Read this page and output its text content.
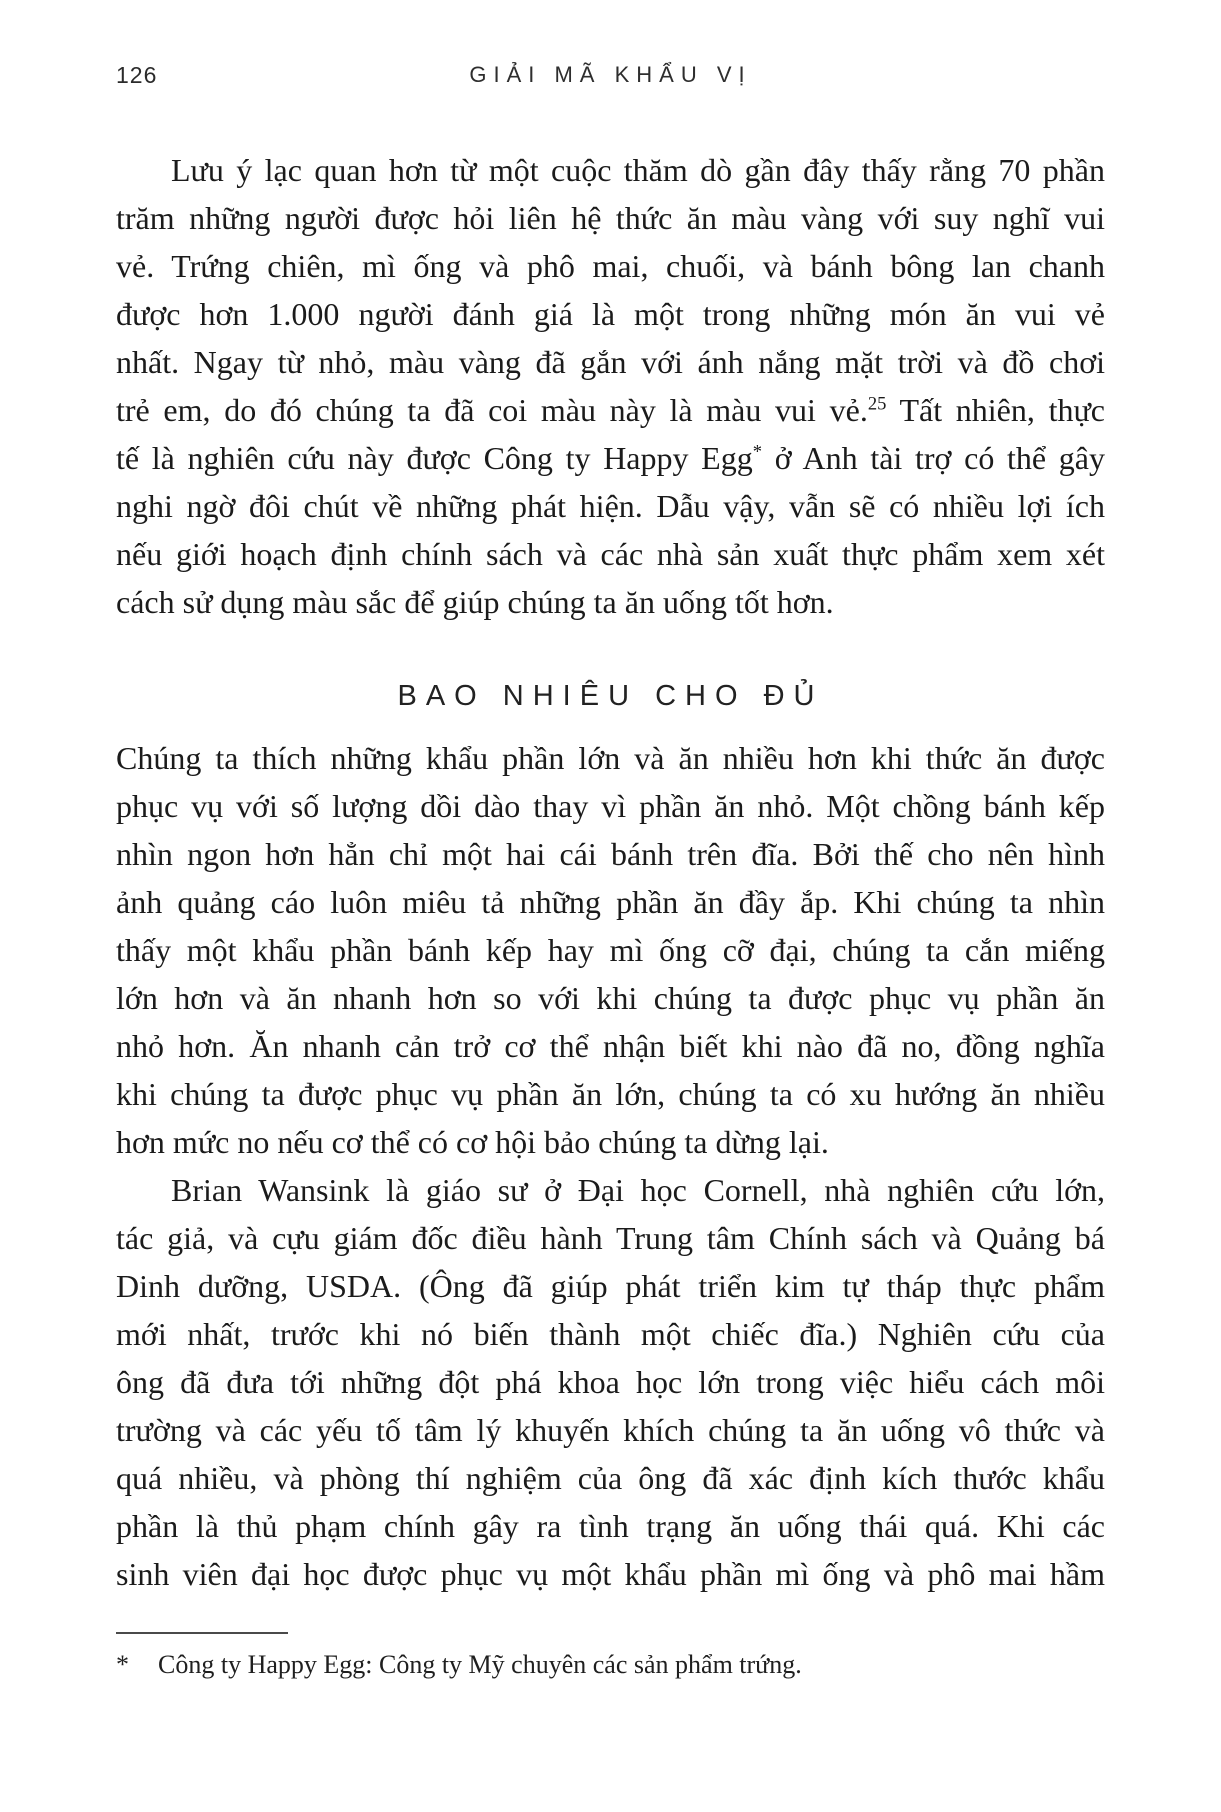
126	GIẢI MÃ KHẨU VỊ
Lưu ý lạc quan hơn từ một cuộc thăm dò gần đây thấy rằng 70 phần
trăm những người được hỏi liên hệ thức ăn màu vàng với suy nghĩ vui
vẻ. Trứng chiên, mì ống và phô mai, chuối, và bánh bông lan chanh
được hơn 1.000 người đánh giá là một trong những món ăn vui vẻ
nhất. Ngay từ nhỏ, màu vàng đã gắn với ánh nắng mặt trời và đồ chơi
trẻ em, do đó chúng ta đã coi màu này là màu vui vẻ.$^{25}$ Tất nhiên, thực
tế là nghiên cứu này được Công ty Happy Egg* ở Anh tài trợ có thể gây
nghi ngờ đôi chút về những phát hiện. Dẫu vậy, vẫn sẽ có nhiều lợi ích
nếu giới hoạch định chính sách và các nhà sản xuất thực phẩm xem xét
cách sử dụng màu sắc để giúp chúng ta ăn uống tốt hơn.
BAO NHIÊU CHO ĐỦ
Chúng ta thích những khẩu phần lớn và ăn nhiều hơn khi thức ăn được
phục vụ với số lượng dồi dào thay vì phần ăn nhỏ. Một chồng bánh kếp
nhìn ngon hơn hẳn chỉ một hai cái bánh trên đĩa. Bởi thế cho nên hình
ảnh quảng cáo luôn miêu tả những phần ăn đầy ắp. Khi chúng ta nhìn
thấy một khẩu phần bánh kếp hay mì ống cỡ đại, chúng ta cắn miếng
lớn hơn và ăn nhanh hơn so với khi chúng ta được phục vụ phần ăn
nhỏ hơn. Ăn nhanh cản trở cơ thể nhận biết khi nào đã no, đồng nghĩa
khi chúng ta được phục vụ phần ăn lớn, chúng ta có xu hướng ăn nhiều
hơn mức no nếu cơ thể có cơ hội bảo chúng ta dừng lại.
Brian Wansink là giáo sư ở Đại học Cornell, nhà nghiên cứu lớn,
tác giả, và cựu giám đốc điều hành Trung tâm Chính sách và Quảng bá
Dinh dưỡng, USDA. (Ông đã giúp phát triển kim tự tháp thực phẩm
mới nhất, trước khi nó biến thành một chiếc đĩa.) Nghiên cứu của
ông đã đưa tới những đột phá khoa học lớn trong việc hiểu cách môi
trường và các yếu tố tâm lý khuyến khích chúng ta ăn uống vô thức và
quá nhiều, và phòng thí nghiệm của ông đã xác định kích thước khẩu
phần là thủ phạm chính gây ra tình trạng ăn uống thái quá. Khi các
sinh viên đại học được phục vụ một khẩu phần mì ống và phô mai hầm
*	Công ty Happy Egg: Công ty Mỹ chuyên các sản phẩm trứng.
